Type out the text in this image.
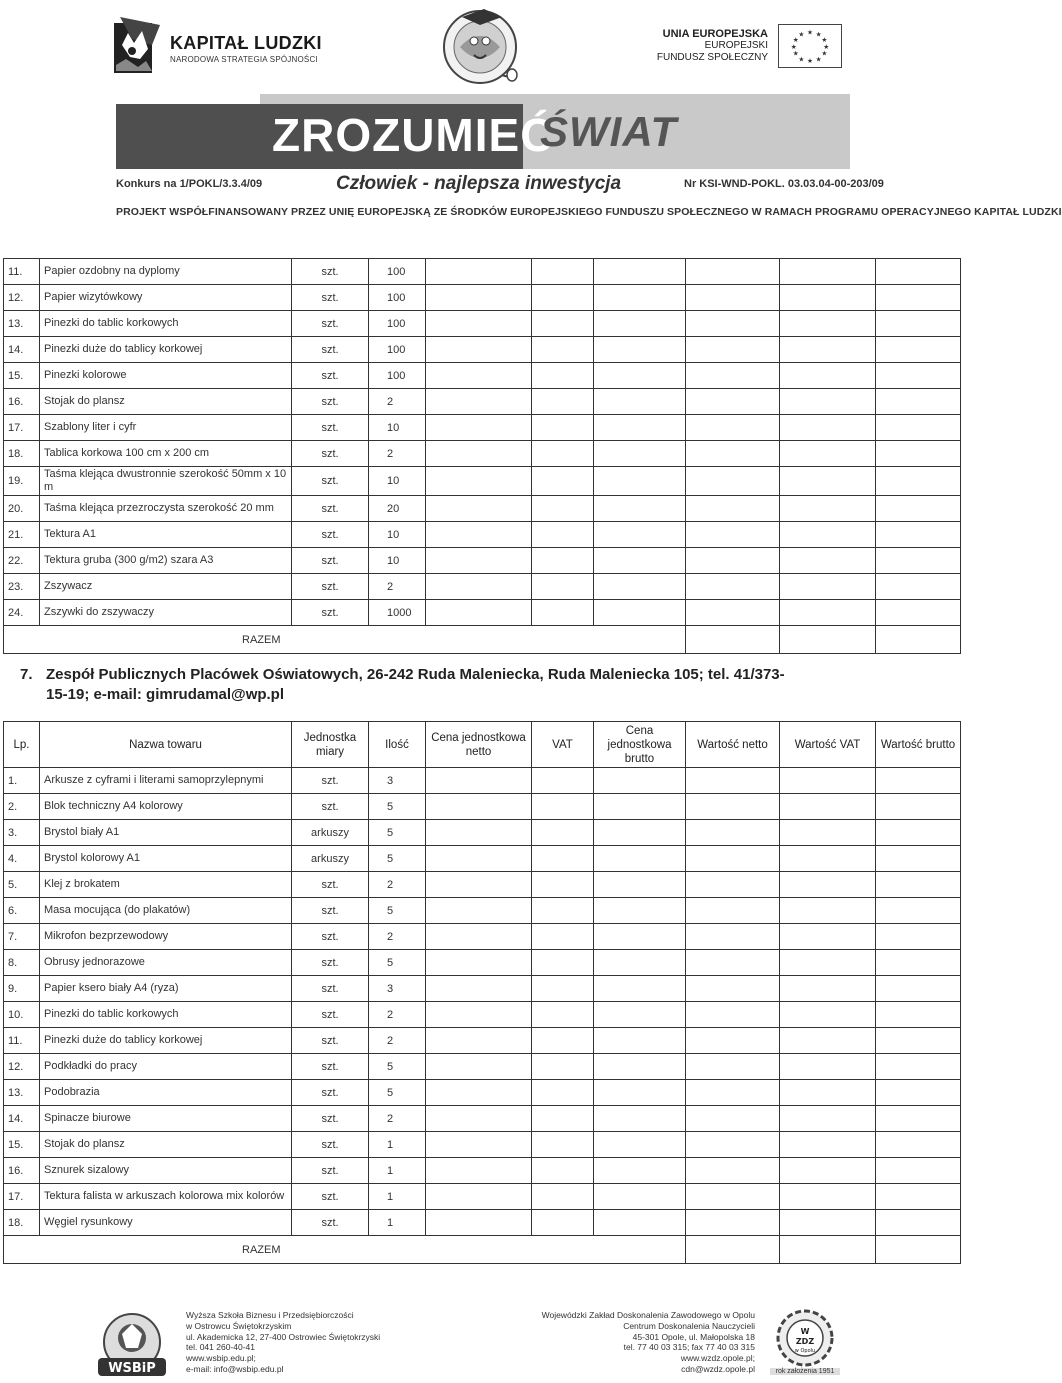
KAPITAŁ LUDZKI
NARODOWA STRATEGIA SPÓJNOŚCI
UNIA EUROPEJSKA
EUROPEJSKI
FUNDUSZ SPOŁECZNY
★ ★
★
★
★
★
★
★
★
★
★
★
ZROZUMIEĆ
ŚWIAT
Konkurs na 1/POKL/3.3.4/09	Człowiek - najlepsza inwestycja	Nr KSI-WND-POKL. 03.03.04-00-203/09
PROJEKT WSPÓŁFINANSOWANY PRZEZ UNIĘ EUROPEJSKĄ ZE ŚRODKÓW EUROPEJSKIEGO FUNDUSZU SPOŁECZNEGO W RAMACH PROGRAMU OPERACYJNEGO KAPITAŁ LUDZKI
11.	Papier ozdobny na dyplomy	szt.	100						
12.	Papier wizytówkowy	szt.	100						
13.	Pinezki do tablic korkowych	szt.	100						
14.	Pinezki duże do tablicy korkowej	szt.	100						
15.	Pinezki kolorowe	szt.	100						
16.	Stojak do plansz	szt.	2						
17.	Szablony liter i cyfr	szt.	10						
18.	Tablica korkowa 100 cm x 200 cm	szt.	2						
19.	Taśma klejąca dwustronnie szerokość 50mm x 10 m	szt.	10						
20.	Taśma klejąca przezroczysta szerokość 20 mm	szt.	20						
21.	Tektura A1	szt.	10						
22.	Tektura gruba (300 g/m2) szara A3	szt.	10						
23.	Zszywacz	szt.	2						
24.	Zszywki do zszywaczy	szt.	1000						
RAZEM									
7. Zespół Publicznych Placówek Oświatowych, 26-242 Ruda Maleniecka, Ruda Maleniecka 105; tel. 41/373-
15-19; e-mail: gimrudamal@wp.pl
Lp.	Nazwa towaru	Jednostka miary	Ilość	Cena jednostkowa netto	VAT	Cena jednostkowa brutto	Wartość netto	Wartość VAT	Wartość brutto
1.	Arkusze z cyframi i literami samoprzylepnymi	szt.	3						
2.	Blok techniczny A4 kolorowy	szt.	5						
3.	Brystol biały A1	arkuszy	5						
4.	Brystol kolorowy A1	arkuszy	5						
5.	Klej z brokatem	szt.	2						
6.	Masa mocująca (do plakatów)	szt.	5						
7.	Mikrofon bezprzewodowy	szt.	2						
8.	Obrusy jednorazowe	szt.	5						
9.	Papier ksero biały A4 (ryza)	szt.	3						
10.	Pinezki do tablic korkowych	szt.	2						
11.	Pinezki duże do tablicy korkowej	szt.	2						
12.	Podkładki do pracy	szt.	5						
13.	Podobrazia	szt.	5						
14.	Spinacze biurowe	szt.	2						
15.	Stojak do plansz	szt.	1						
16.	Sznurek sizalowy	szt.	1						
17.	Tektura falista w arkuszach kolorowa mix kolorów	szt.	1						
18.	Węgiel rysunkowy	szt.	1						
RAZEM									
WSBiP
Wyższa Szkoła Biznesu i Przedsiębiorczości
w Ostrowcu Świętokrzyskim
ul. Akademicka 12, 27-400 Ostrowiec Świętokrzyski
tel. 041 260-40-41
www.wsbip.edu.pl;
e-mail: info@wsbip.edu.pl
Wojewódzki Zakład Doskonalenia Zawodowego w Opolu
Centrum Doskonalenia Nauczycieli
45-301 Opole, ul. Małopolska 18
tel. 77 40 03 315; fax 77 40 03 315
www.wzdz.opole.pl;
cdn@wzdz.opole.pl
W
ZDZ
w Opolu
rok założenia 1951
